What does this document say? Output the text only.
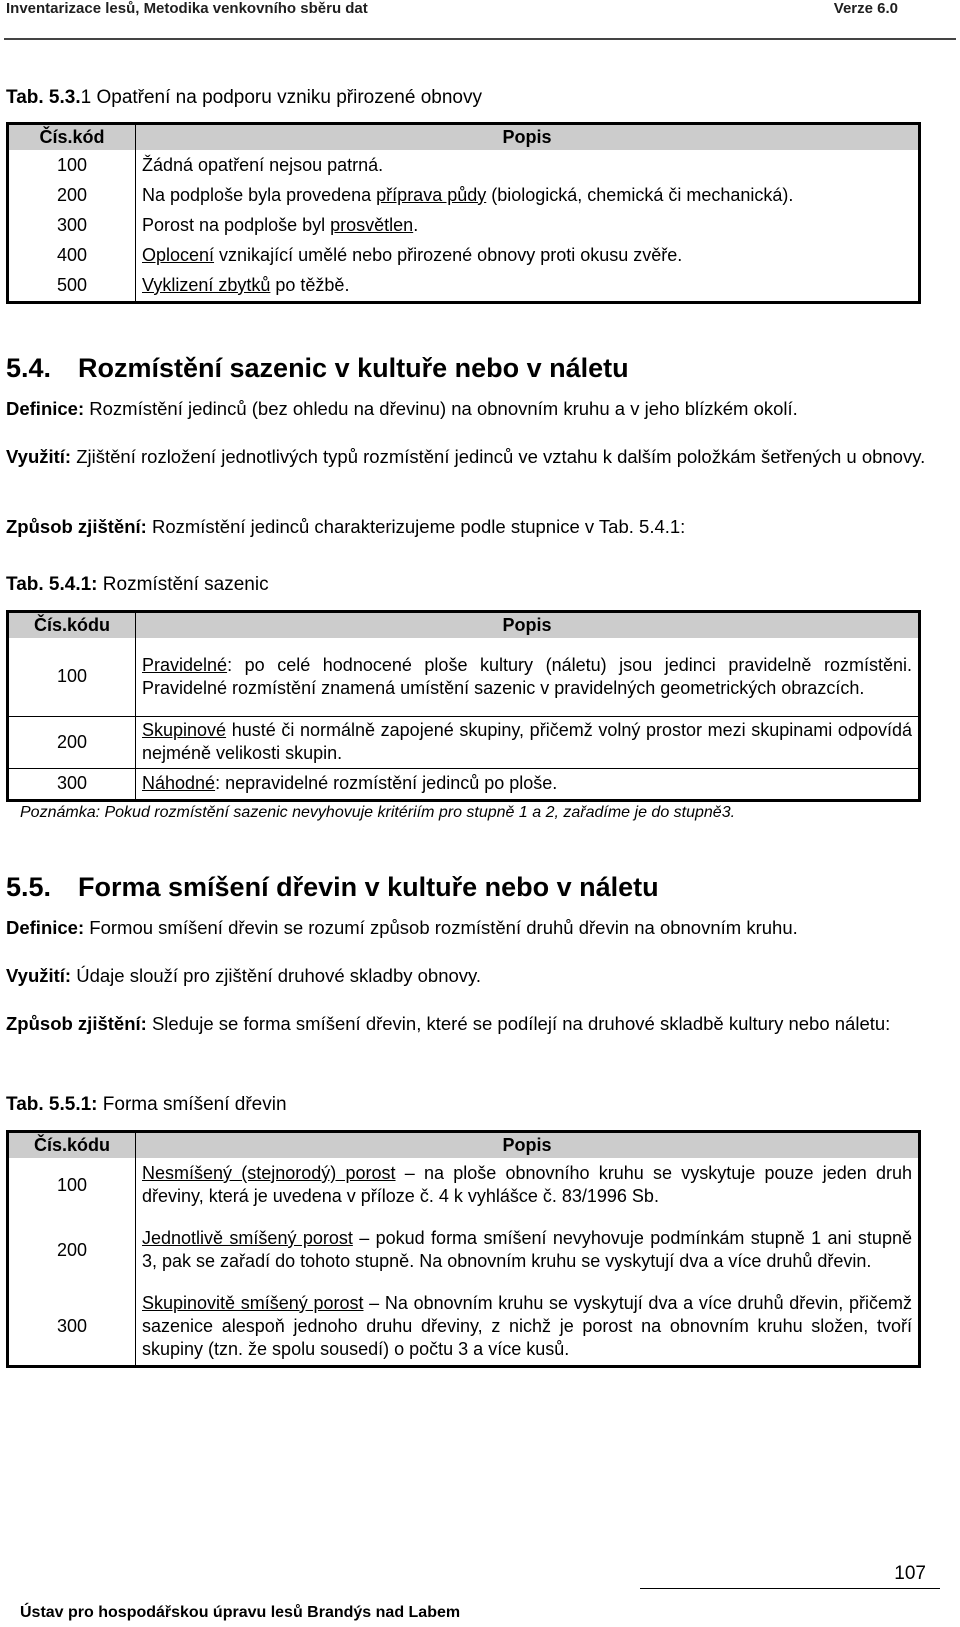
Inventarizace lesů, Metodika venkovního sběru dat	Verze 6.0
Tab. 5.3.1 Opatření na podporu vzniku přirozené obnovy
Čís.kód	Popis
100	Žádná opatření nejsou patrná.
200	Na podploše byla provedena příprava půdy (biologická, chemická či mechanická).
300	Porost na podploše byl prosvětlen.
400	Oplocení vznikající umělé nebo přirozené obnovy proti okusu zvěře.
500	Vyklizení zbytků po těžbě.
5.4. Rozmístění sazenic v kultuře nebo v náletu
Definice: Rozmístění jedinců (bez ohledu na dřevinu) na obnovním kruhu a v jeho blízkém okolí.
Využití: Zjištění rozložení jednotlivých typů rozmístění jedinců ve vztahu k dalším položkám šetřených u obnovy.
Způsob zjištění: Rozmístění jedinců charakterizujeme podle stupnice v Tab. 5.4.1:
Tab. 5.4.1: Rozmístění sazenic
Čís.kódu	Popis
100	Pravidelné: po celé hodnocené ploše kultury (náletu) jsou jedinci pravidelně rozmístěni. Pravidelné rozmístění znamená umístění sazenic v pravidelných geometrických obrazcích.
200	Skupinové husté či normálně zapojené skupiny, přičemž volný prostor mezi skupinami odpovídá nejméně velikosti skupin.
300	Náhodné: nepravidelné rozmístění jedinců po ploše.
Poznámka: Pokud rozmístění sazenic nevyhovuje kritériím pro stupně 1 a 2, zařadíme je do stupně3.
5.5. Forma smíšení dřevin v kultuře nebo v náletu
Definice: Formou smíšení dřevin se rozumí způsob rozmístění druhů dřevin na obnovním kruhu.
Využití: Údaje slouží pro zjištění druhové skladby obnovy.
Způsob zjištění: Sleduje se forma smíšení dřevin, které se podílejí na druhové skladbě kultury nebo náletu:
Tab. 5.5.1: Forma smíšení dřevin
Čís.kódu	Popis
100	Nesmíšený (stejnorodý) porost – na ploše obnovního kruhu se vyskytuje pouze jeden druh dřeviny, která je uvedena v příloze č. 4 k vyhlášce č. 83/1996 Sb.
200	Jednotlivě smíšený porost – pokud forma smíšení nevyhovuje podmínkám stupně 1 ani stupně 3, pak se zařadí do tohoto stupně. Na obnovním kruhu se vyskytují dva a více druhů dřevin.
300	Skupinovitě smíšený porost – Na obnovním kruhu se vyskytují dva a více druhů dřevin, přičemž sazenice alespoň jednoho druhu dřeviny, z nichž je porost na obnovním kruhu složen, tvoří skupiny (tzn. že spolu sousedí) o počtu 3 a více kusů.
107
Ústav pro hospodářskou úpravu lesů Brandýs nad Labem
